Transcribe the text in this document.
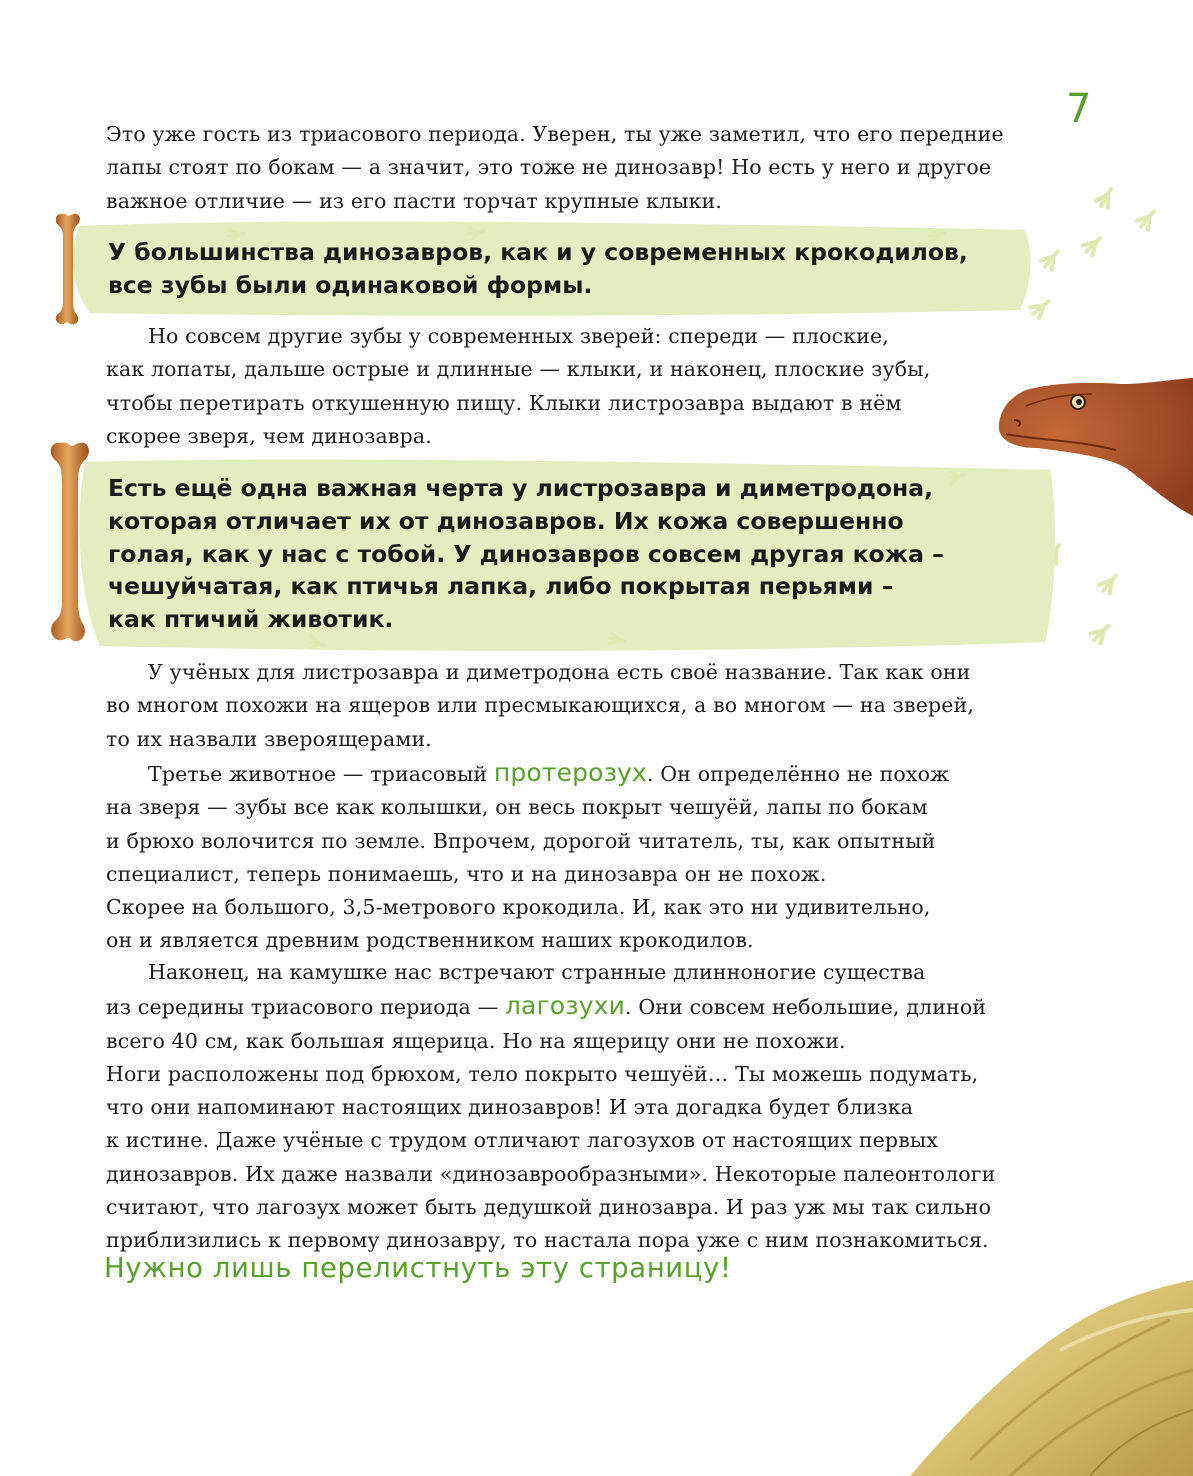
7

Это уже гость из триасового периода. Уверен, ты уже заметил, что его передние
лапы стоят по бокам — а значит, это тоже не динозавр! Но есть у него и другое
важное отличие — из его пасти торчат крупные клыки.

У большинства динозавров, как и у современных крокодилов,
все зубы были одинаковой формы.

Но совсем другие зубы у современных зверей: спереди — плоские,
как лопаты, дальше острые и длинные — клыки, и наконец, плоские зубы,
чтобы перетирать откушенную пищу. Клыки листрозавра выдают в нём
скорее зверя, чем динозавра.

Есть ещё одна важная черта у листрозавра и диметродона,
которая отличает их от динозавров. Их кожа совершенно
голая, как у нас с тобой. У динозавров совсем другая кожа –
чешуйчатая, как птичья лапка, либо покрытая перьями –
как птичий животик.

У учёных для листрозавра и диметродона есть своё название. Так как они
во многом похожи на ящеров или пресмыкающихся, а во многом — на зверей,
то их назвали звероящерами.

Третье животное — триасовый протерозух. Он определённо не похож
на зверя — зубы все как колышки, он весь покрыт чешуёй, лапы по бокам
и брюхо волочится по земле. Впрочем, дорогой читатель, ты, как опытный
специалист, теперь понимаешь, что и на динозавра он не похож.
Скорее на большого, 3,5-метрового крокодила. И, как это ни удивительно,
он и является древним родственником наших крокодилов.

Наконец, на камушке нас встречают странные длинноногие существа
из середины триасового периода — лагозухи. Они совсем небольшие, длиной
всего 40 см, как большая ящерица. Но на ящерицу они не похожи.
Ноги расположены под брюхом, тело покрыто чешуёй… Ты можешь подумать,
что они напоминают настоящих динозавров! И эта догадка будет близка
к истине. Даже учёные с трудом отличают лагозухов от настоящих первых
динозавров. Их даже назвали «динозаврообразными». Некоторые палеонтологи
считают, что лагозух может быть дедушкой динозавра. И раз уж мы так сильно
приблизились к первому динозавру, то настала пора уже с ним познакомиться.

Нужно лишь перелистнуть эту страницу!
